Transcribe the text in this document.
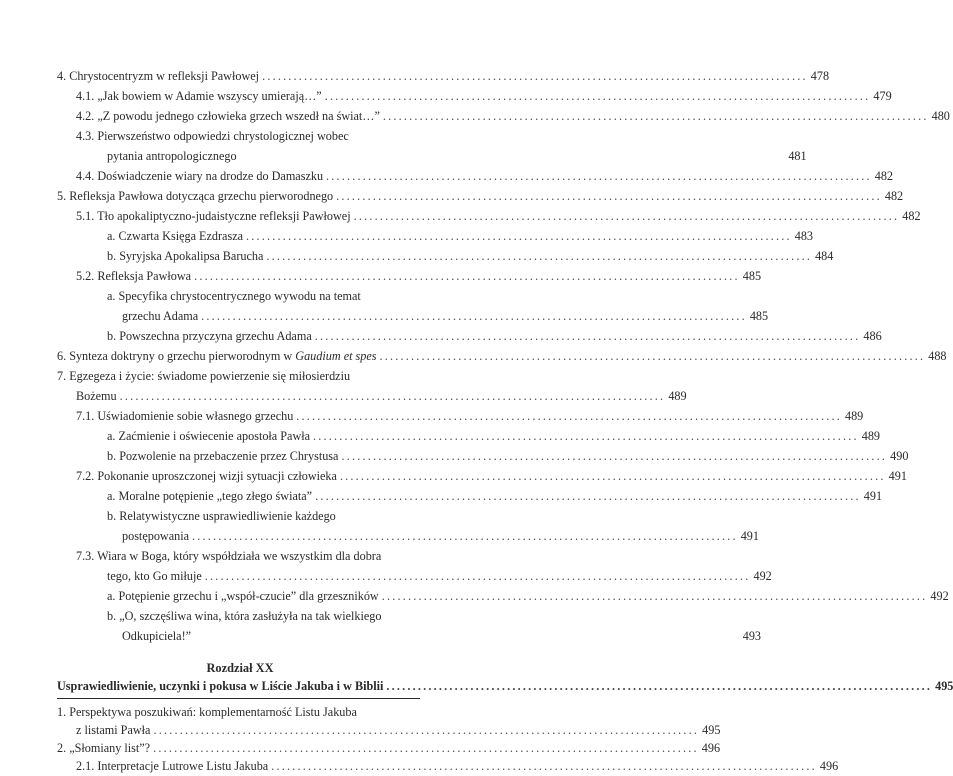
4. Chrystocentryzm w refleksji Pawłowej ........................................................................................................ 478
4.1. „Jak bowiem w Adamie wszyscy umierają…” ........................................................................................................ 479
4.2. „Z powodu jednego człowieka grzech wszedł na świat…” ........................................................................................................ 480
4.3. Pierwszeństwo odpowiedzi chrystologicznej wobec
pytania antropologicznego	481
4.4. Doświadczenie wiary na drodze do Damaszku ........................................................................................................ 482
5. Refleksja Pawłowa dotycząca grzechu pierworodnego ........................................................................................................ 482
5.1. Tło apokaliptyczno-judaistyczne refleksji Pawłowej ........................................................................................................ 482
a. Czwarta Księga Ezdrasza ........................................................................................................ 483
b. Syryjska Apokalipsa Barucha ........................................................................................................ 484
5.2. Refleksja Pawłowa ........................................................................................................ 485
a. Specyfika chrystocentrycznego wywodu na temat
grzechu Adama ........................................................................................................ 485
b. Powszechna przyczyna grzechu Adama ........................................................................................................ 486
6. Synteza doktryny o grzechu pierworodnym w Gaudium et spes ........................................................................................................ 488
7. Egzegeza i życie: świadome powierzenie się miłosierdziu
Bożemu ........................................................................................................ 489
7.1. Uświadomienie sobie własnego grzechu ........................................................................................................ 489
a. Zaćmienie i oświecenie apostoła Pawła ........................................................................................................ 489
b. Pozwolenie na przebaczenie przez Chrystusa ........................................................................................................ 490
7.2. Pokonanie uproszczonej wizji sytuacji człowieka ........................................................................................................ 491
a. Moralne potępienie „tego złego świata” ........................................................................................................ 491
b. Relatywistyczne usprawiedliwienie każdego
postępowania ........................................................................................................ 491
7.3. Wiara w Boga, który współdziała we wszystkim dla dobra
tego, kto Go miłuje ........................................................................................................ 492
a. Potępienie grzechu i „współ-czucie” dla grzeszników ........................................................................................................ 492
b. „O, szczęśliwa wina, która zasłużyła na tak wielkiego
Odkupiciela!”	493
Rozdział XX
Usprawiedliwienie, uczynki i pokusa w Liście Jakuba i w Biblii ........................................................................................................ 495
1. Perspektywa poszukiwań: komplementarność Listu Jakuba
z listami Pawła ........................................................................................................ 495
2. „Słomiany list”? ........................................................................................................ 496
2.1. Interpretacje Lutrowe Listu Jakuba ........................................................................................................ 496
